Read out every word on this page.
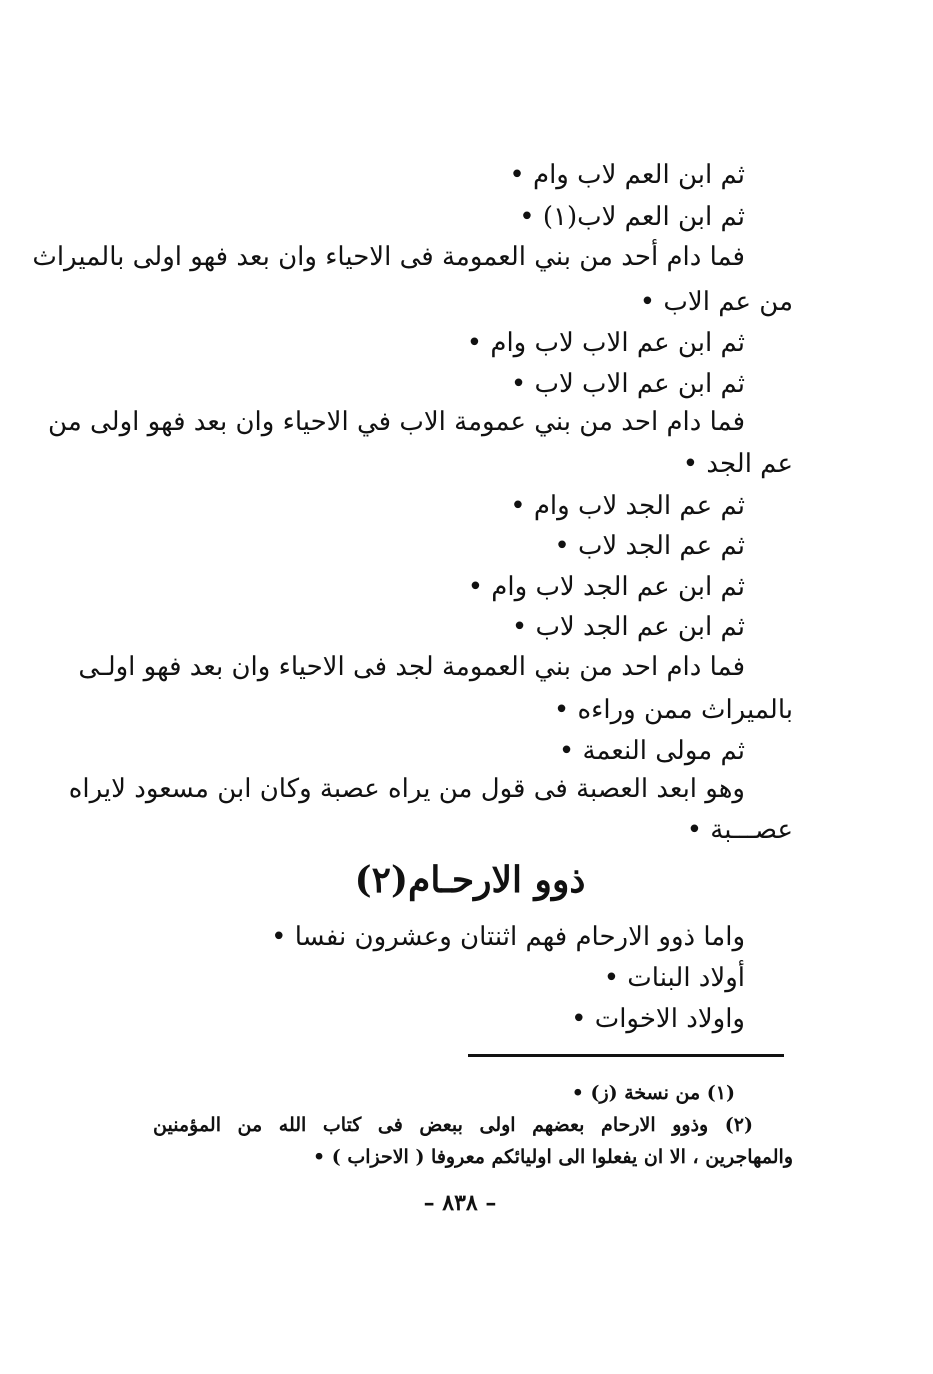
ثم ابن العم لاب وام •
ثم ابن العم لاب(١) •
فما دام أحد من بني العمومة فى الاحياء وان بعد فهو اولى بالميراث
من عم الاب •
ثم ابن عم الاب لاب وام •
ثم ابن عم الاب لاب •
فما دام احد من بني عمومة الاب في الاحياء وان بعد فهو اولى من
عم الجد •
ثم عم الجد لاب وام •
ثم عم الجد لاب •
ثم ابن عم الجد لاب وام •
ثم ابن عم الجد لاب •
فما دام احد من بني العمومة لجد فى الاحياء وان بعد فهو اولـى
بالميراث ممن وراءه •
ثم مولى النعمة •
وهو ابعد العصبة فى قول من يراه عصبة وكان ابن مسعود لايراه
عصـــبة •
ذوو الارحـام(٢)
واما ذوو الارحام فهم اثنتان وعشرون نفسا •
أولاد البنات •
واولاد الاخوات •
(١) من نسخة (ز) •
(٢) وذوو الارحام بعضهم اولى ببعض فى كتاب الله من المؤمنين
والمهاجرين ، الا ان يفعلوا الى اوليائكم معروفا ( الاحزاب ) •
– ٨٣٨ –
